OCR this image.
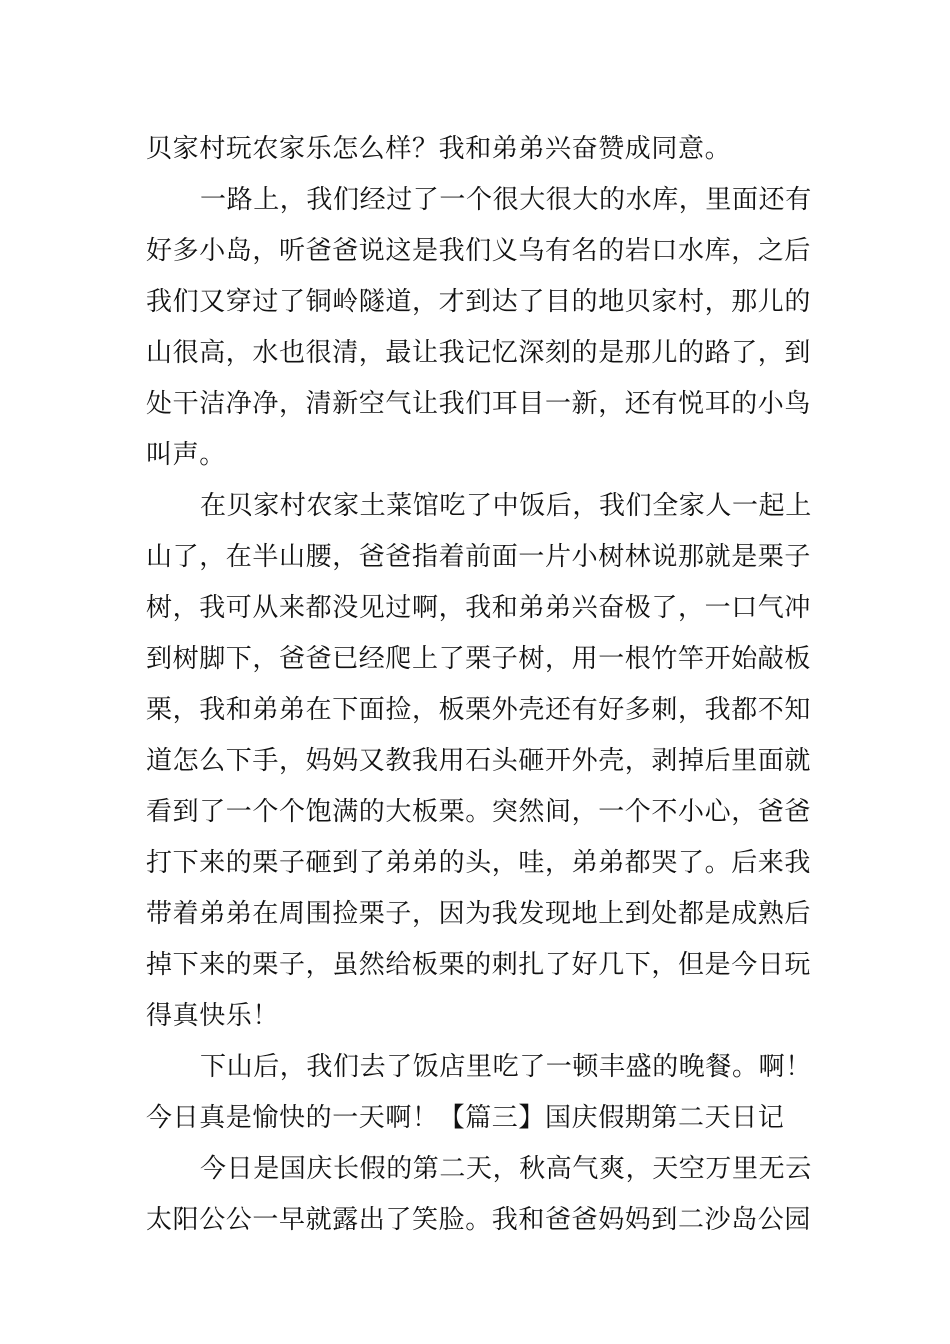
贝家村玩农家乐怎么样？我和弟弟兴奋赞成同意。
一路上，我们经过了一个很大很大的水库，里面还有
好多小岛，听爸爸说这是我们义乌有名的岩口水库，之后
我们又穿过了铜岭隧道，才到达了目的地贝家村，那儿的
山很高，水也很清，最让我记忆深刻的是那儿的路了，到
处干洁净净，清新空气让我们耳目一新，还有悦耳的小鸟
叫声。
在贝家村农家土菜馆吃了中饭后，我们全家人一起上
山了，在半山腰，爸爸指着前面一片小树林说那就是栗子
树，我可从来都没见过啊，我和弟弟兴奋极了，一口气冲
到树脚下，爸爸已经爬上了栗子树，用一根竹竿开始敲板
栗，我和弟弟在下面捡，板栗外壳还有好多刺，我都不知
道怎么下手，妈妈又教我用石头砸开外壳，剥掉后里面就
看到了一个个饱满的大板栗。突然间，一个不小心，爸爸
打下来的栗子砸到了弟弟的头，哇，弟弟都哭了。后来我
带着弟弟在周围捡栗子，因为我发现地上到处都是成熟后
掉下来的栗子，虽然给板栗的刺扎了好几下，但是今日玩
得真快乐！
下山后，我们去了饭店里吃了一顿丰盛的晚餐。啊！
今日真是愉快的一天啊！【篇三】国庆假期第二天日记
今日是国庆长假的第二天，秋高气爽，天空万里无云
太阳公公一早就露出了笑脸。我和爸爸妈妈到二沙岛公园
